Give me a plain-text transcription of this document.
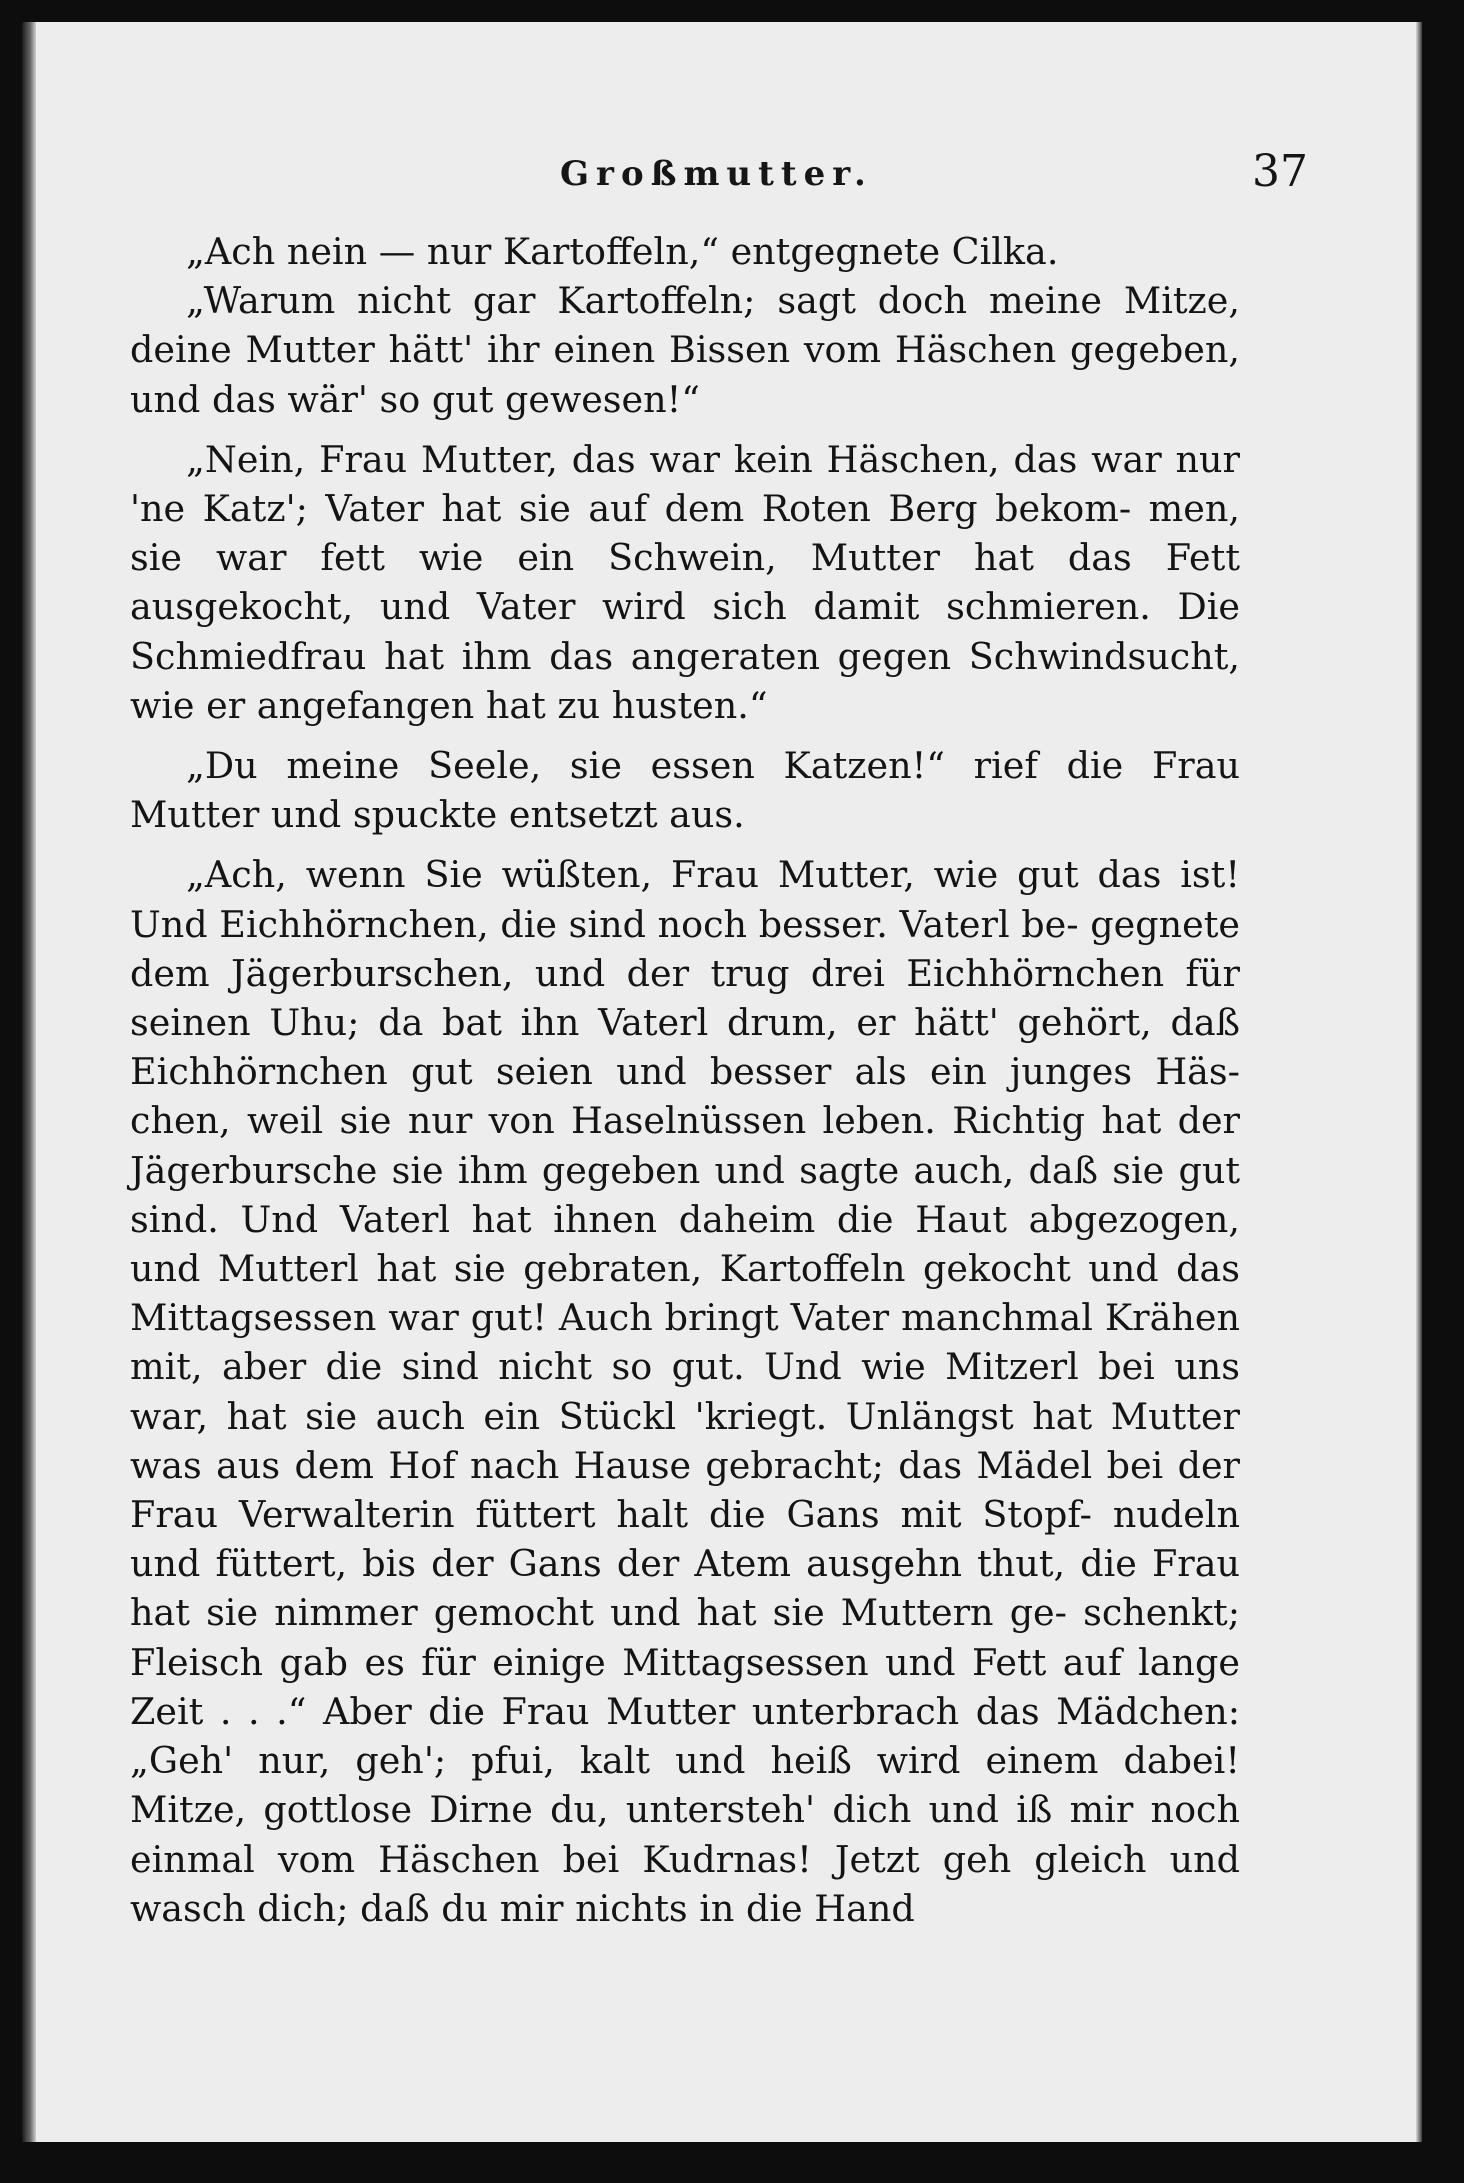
Großmutter.	37

„Ach nein — nur Kartoffeln,“ entgegnete Cilka.

„Warum nicht gar Kartoffeln; sagt doch meine Mitze, deine Mutter hätt' ihr einen Bissen vom Häschen gegeben, und das wär' so gut gewesen!“

„Nein, Frau Mutter, das war kein Häschen, das war nur 'ne Katz'; Vater hat sie auf dem Roten Berg bekom- men, sie war fett wie ein Schwein, Mutter hat das Fett ausgekocht, und Vater wird sich damit schmieren. Die Schmiedfrau hat ihm das angeraten gegen Schwindsucht, wie er angefangen hat zu husten.“

„Du meine Seele, sie essen Katzen!“ rief die Frau Mutter und spuckte entsetzt aus.

„Ach, wenn Sie wüßten, Frau Mutter, wie gut das ist! Und Eichhörnchen, die sind noch besser. Vaterl be- gegnete dem Jägerburschen, und der trug drei Eichhörnchen für seinen Uhu; da bat ihn Vaterl drum, er hätt' gehört, daß Eichhörnchen gut seien und besser als ein junges Häs- chen, weil sie nur von Haselnüssen leben. Richtig hat der Jägerbursche sie ihm gegeben und sagte auch, daß sie gut sind. Und Vaterl hat ihnen daheim die Haut abgezogen, und Mutterl hat sie gebraten, Kartoffeln gekocht und das Mittagsessen war gut! Auch bringt Vater manchmal Krähen mit, aber die sind nicht so gut. Und wie Mitzerl bei uns war, hat sie auch ein Stückl 'kriegt. Unlängst hat Mutter was aus dem Hof nach Hause gebracht; das Mädel bei der Frau Verwalterin füttert halt die Gans mit Stopf- nudeln und füttert, bis der Gans der Atem ausgehn thut, die Frau hat sie nimmer gemocht und hat sie Muttern ge- schenkt; Fleisch gab es für einige Mittagsessen und Fett auf lange Zeit . . .“ Aber die Frau Mutter unterbrach das Mädchen: „Geh' nur, geh'; pfui, kalt und heiß wird einem dabei! Mitze, gottlose Dirne du, untersteh' dich und iß mir noch einmal vom Häschen bei Kudrnas! Jetzt geh gleich und wasch dich; daß du mir nichts in die Hand
